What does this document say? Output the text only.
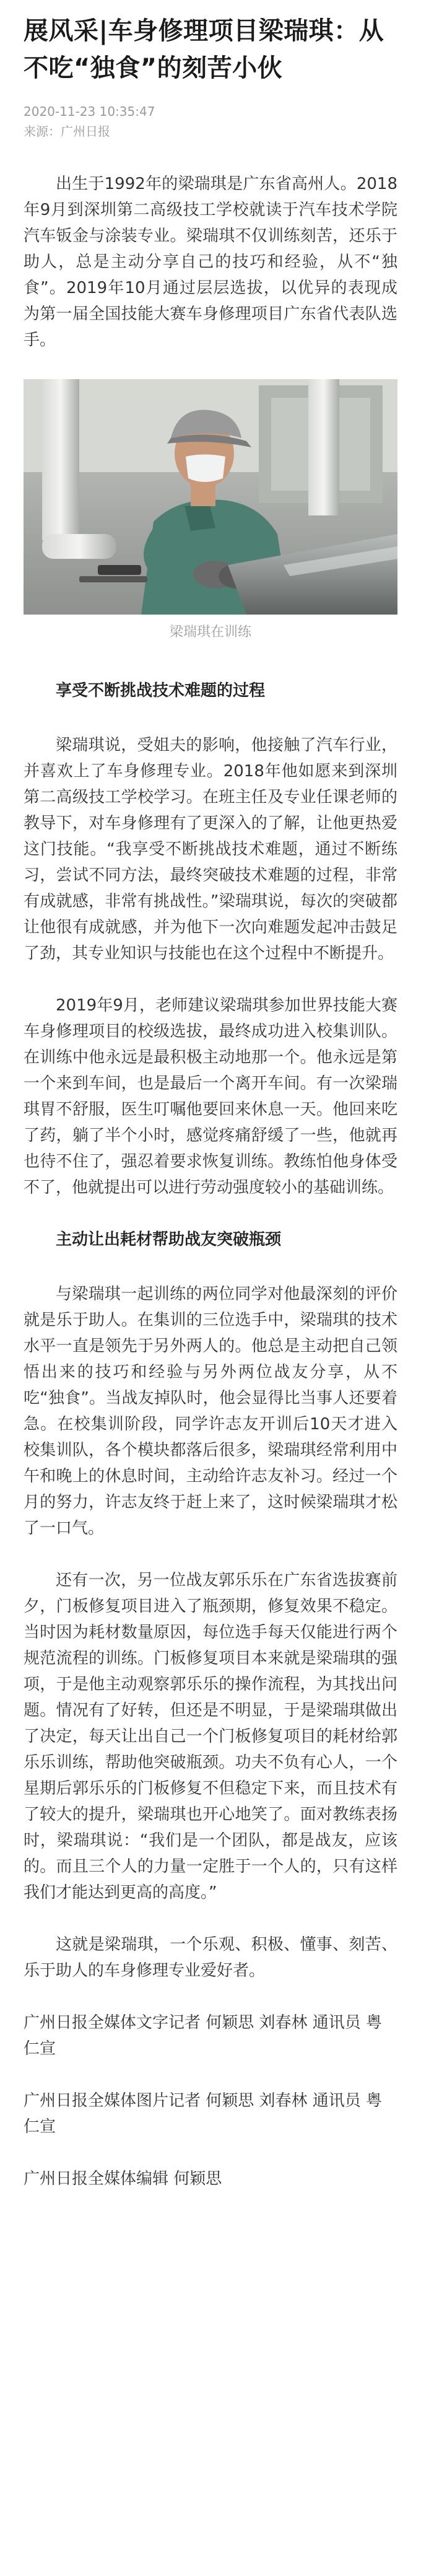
展风采|车身修理项目梁瑞琪：从不吃“独食”的刻苦小伙
2020-11-23 10:35:47
来源：广州日报

出生于1992年的梁瑞琪是广东省高州人。2018年9月到深圳第二高级技工学校就读于汽车技术学院汽车钣金与涂装专业。梁瑞琪不仅训练刻苦，还乐于助人，总是主动分享自己的技巧和经验，从不“独食”。2019年10月通过层层选拔，以优异的表现成为第一届全国技能大赛车身修理项目广东省代表队选手。

梁瑞琪在训练
享受不断挑战技术难题的过程

梁瑞琪说，受姐夫的影响，他接触了汽车行业，并喜欢上了车身修理专业。2018年他如愿来到深圳第二高级技工学校学习。在班主任及专业任课老师的教导下，对车身修理有了更深入的了解，让他更热爱这门技能。“我享受不断挑战技术难题，通过不断练习，尝试不同方法，最终突破技术难题的过程，非常有成就感，非常有挑战性。”梁瑞琪说，每次的突破都让他很有成就感，并为他下一次向难题发起冲击鼓足了劲，其专业知识与技能也在这个过程中不断提升。

2019年9月，老师建议梁瑞琪参加世界技能大赛车身修理项目的校级选拔，最终成功进入校集训队。在训练中他永远是最积极主动地那一个。他永远是第一个来到车间，也是最后一个离开车间。有一次梁瑞琪胃不舒服，医生叮嘱他要回来休息一天。他回来吃了药，躺了半个小时，感觉疼痛舒缓了一些，他就再也待不住了，强忍着要求恢复训练。教练怕他身体受不了，他就提出可以进行劳动强度较小的基础训练。

主动让出耗材帮助战友突破瓶颈

与梁瑞琪一起训练的两位同学对他最深刻的评价就是乐于助人。在集训的三位选手中，梁瑞琪的技术水平一直是领先于另外两人的。他总是主动把自己领悟出来的技巧和经验与另外两位战友分享，从不吃“独食”。当战友掉队时，他会显得比当事人还要着急。在校集训阶段，同学许志友开训后10天才进入校集训队，各个模块都落后很多，梁瑞琪经常利用中午和晚上的休息时间，主动给许志友补习。经过一个月的努力，许志友终于赶上来了，这时候梁瑞琪才松了一口气。

还有一次，另一位战友郭乐乐在广东省选拔赛前夕，门板修复项目进入了瓶颈期，修复效果不稳定。当时因为耗材数量原因，每位选手每天仅能进行两个规范流程的训练。门板修复项目本来就是梁瑞琪的强项，于是他主动观察郭乐乐的操作流程，为其找出问题。情况有了好转，但还是不明显，于是梁瑞琪做出了决定，每天让出自己一个门板修复项目的耗材给郭乐乐训练，帮助他突破瓶颈。功夫不负有心人，一个星期后郭乐乐的门板修复不但稳定下来，而且技术有了较大的提升，梁瑞琪也开心地笑了。面对教练表扬时，梁瑞琪说：“我们是一个团队，都是战友，应该的。而且三个人的力量一定胜于一个人的，只有这样我们才能达到更高的高度。”

这就是梁瑞琪，一个乐观、积极、懂事、刻苦、乐于助人的车身修理专业爱好者。

广州日报全媒体文字记者 何颖思 刘春林 通讯员 粤仁宣

广州日报全媒体图片记者 何颖思 刘春林 通讯员 粤仁宣

广州日报全媒体编辑 何颖思
